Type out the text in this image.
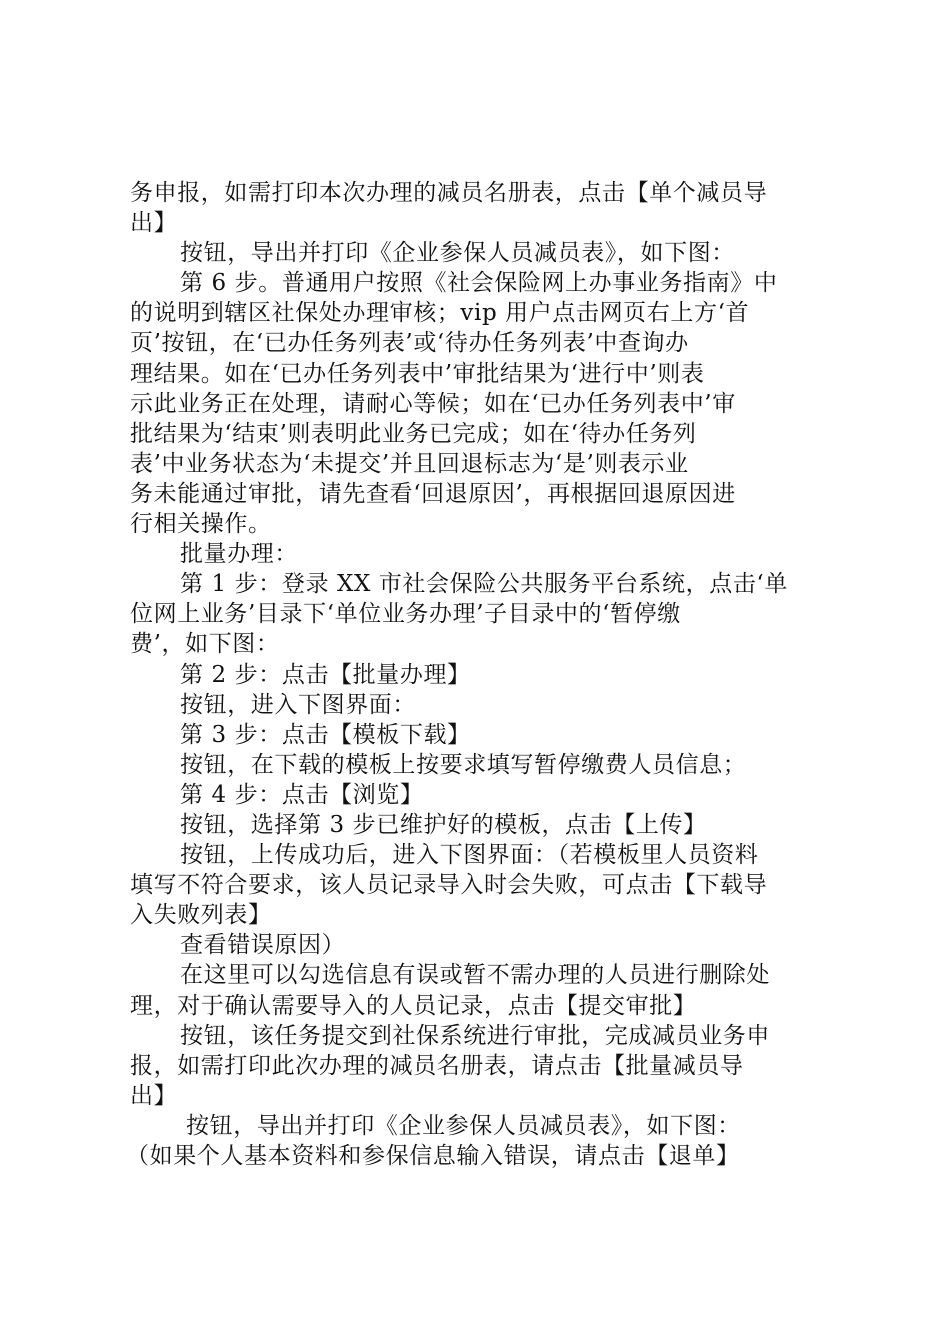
务申报，如需打印本次办理的减员名册表，点击【单个减员导
出】
按钮，导出并打印《企业参保人员减员表》，如下图：
第 6 步。普通用户按照《社会保险网上办事业务指南》中
的说明到辖区社保处办理审核；vip 用户点击网页右上方‘首
页’按钮，在‘已办任务列表’或‘待办任务列表’中查询办
理结果。如在‘已办任务列表中’审批结果为‘进行中’则表
示此业务正在处理，请耐心等候；如在‘已办任务列表中’审
批结果为‘结束’则表明此业务已完成；如在‘待办任务列
表’中业务状态为‘未提交’并且回退标志为‘是’则表示业
务未能通过审批，请先查看‘回退原因’，再根据回退原因进
行相关操作。
批量办理：
第 1 步：登录 XX 市社会保险公共服务平台系统，点击‘单
位网上业务’目录下‘单位业务办理’子目录中的‘暂停缴
费’，如下图：
第 2 步：点击【批量办理】
按钮，进入下图界面：
第 3 步：点击【模板下载】
按钮，在下载的模板上按要求填写暂停缴费人员信息；
第 4 步：点击【浏览】
按钮，选择第 3 步已维护好的模板，点击【上传】
按钮，上传成功后，进入下图界面：（若模板里人员资料
填写不符合要求，该人员记录导入时会失败，可点击【下载导
入失败列表】
查看错误原因）
在这里可以勾选信息有误或暂不需办理的人员进行删除处
理，对于确认需要导入的人员记录，点击【提交审批】
按钮，该任务提交到社保系统进行审批，完成减员业务申
报，如需打印此次办理的减员名册表，请点击【批量减员导
出】
按钮，导出并打印《企业参保人员减员表》，如下图：
（如果个人基本资料和参保信息输入错误，请点击【退单】
